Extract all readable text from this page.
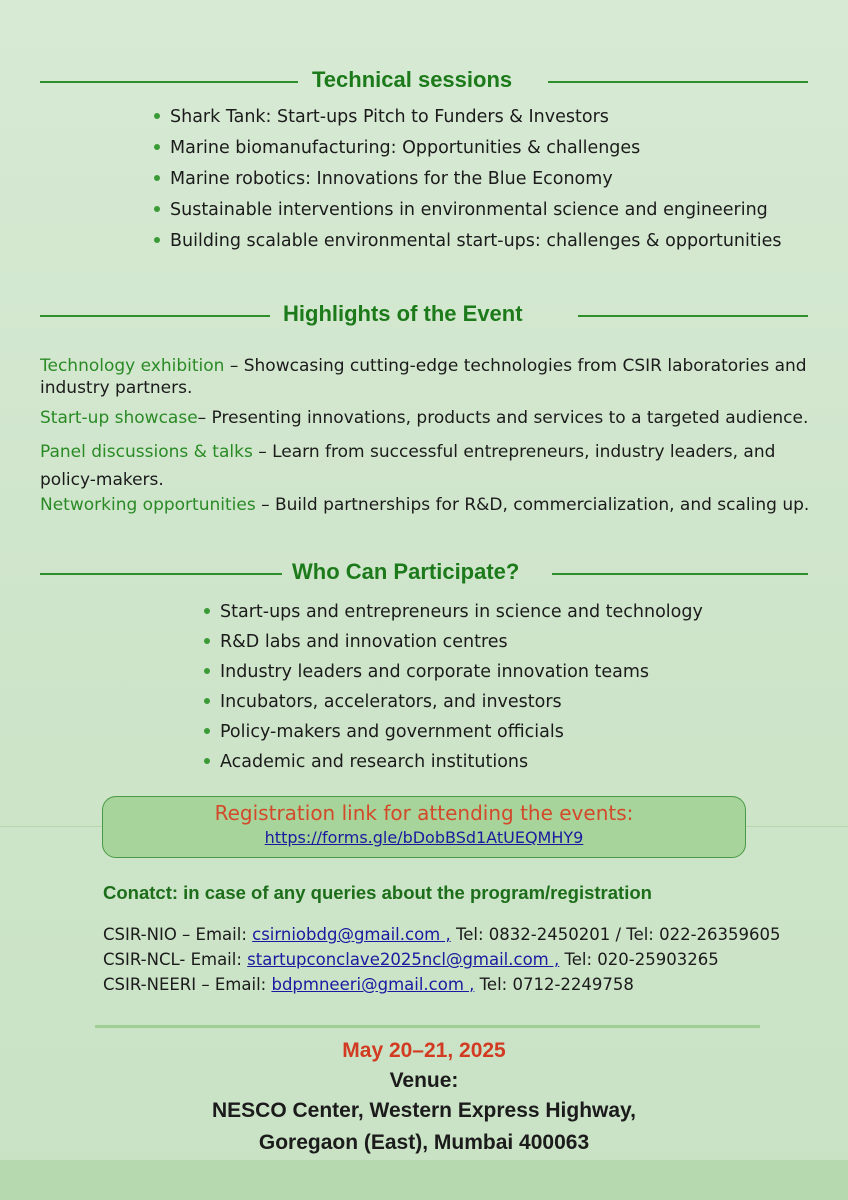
Technical sessions
Shark Tank: Start-ups Pitch to Funders & Investors
Marine biomanufacturing: Opportunities & challenges
Marine robotics: Innovations for the Blue Economy
Sustainable interventions in environmental science and engineering
Building scalable environmental start-ups: challenges & opportunities
Highlights of the Event
Technology exhibition – Showcasing cutting-edge technologies from CSIR laboratories and industry partners.
Start-up showcase– Presenting innovations, products and services to a targeted audience.
Panel discussions & talks – Learn from successful entrepreneurs, industry leaders, and policy-makers.
Networking opportunities – Build partnerships for R&D, commercialization, and scaling up.
Who Can Participate?
Start-ups and entrepreneurs in science and technology
R&D labs and innovation centres
Industry leaders and corporate innovation teams
Incubators, accelerators, and investors
Policy-makers and government officials
Academic and research institutions
Registration link for attending the events:
https://forms.gle/bDobBSd1AtUEQMHY9
Conatct: in case of any queries about the program/registration
CSIR-NIO – Email: csirniobdg@gmail.com , Tel: 0832-2450201 / Tel: 022-26359605
CSIR-NCL- Email: startupconclave2025ncl@gmail.com , Tel: 020-25903265
CSIR-NEERI – Email: bdpmneeri@gmail.com , Tel: 0712-2249758
May 20–21, 2025
Venue:
NESCO Center, Western Express Highway,
Goregaon (East), Mumbai 400063
